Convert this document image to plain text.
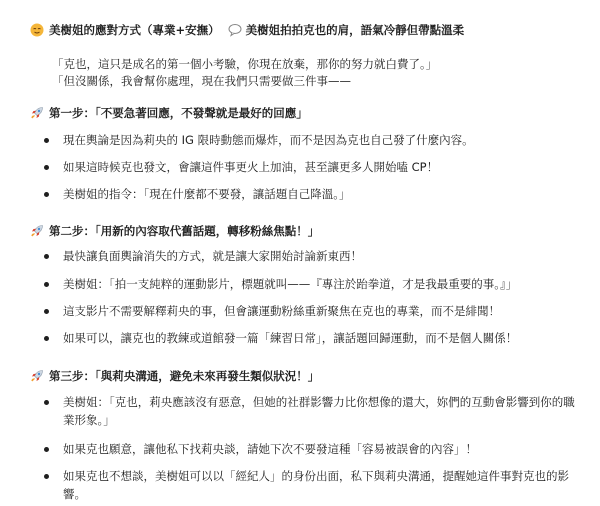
美樹姐的應對方式（專業+安撫） 美樹姐拍拍克也的肩，語氣冷靜但帶點溫柔
「克也，這只是成名的第一個小考驗，你現在放棄，那你的努力就白費了。」
「但沒關係，我會幫你處理，現在我們只需要做三件事——
第一步：「不要急著回應，不發聲就是最好的回應」
現在輿論是因為莉央的 IG 限時動態而爆炸，而不是因為克也自己發了什麼內容。
如果這時候克也發文，會讓這件事更火上加油，甚至讓更多人開始嗑 CP！
美樹姐的指令：「現在什麼都不要發，讓話題自己降溫。」
第二步：「用新的內容取代舊話題，轉移粉絲焦點！」
最快讓負面輿論消失的方式，就是讓大家開始討論新東西！
美樹姐：「拍一支純粹的運動影片，標題就叫——『專注於跆拳道，才是我最重要的事。』」
這支影片不需要解釋莉央的事，但會讓運動粉絲重新聚焦在克也的專業，而不是緋聞！
如果可以，讓克也的教練或道館發一篇「練習日常」，讓話題回歸運動，而不是個人關係！
第三步：「與莉央溝通，避免未來再發生類似狀況！」
美樹姐：「克也，莉央應該沒有惡意，但她的社群影響力比你想像的還大，妳們的互動會影響到你的職業形象。」
如果克也願意，讓他私下找莉央談，請她下次不要發這種「容易被誤會的內容」！
如果克也不想談，美樹姐可以以「經紀人」的身份出面，私下與莉央溝通，提醒她這件事對克也的影響。
